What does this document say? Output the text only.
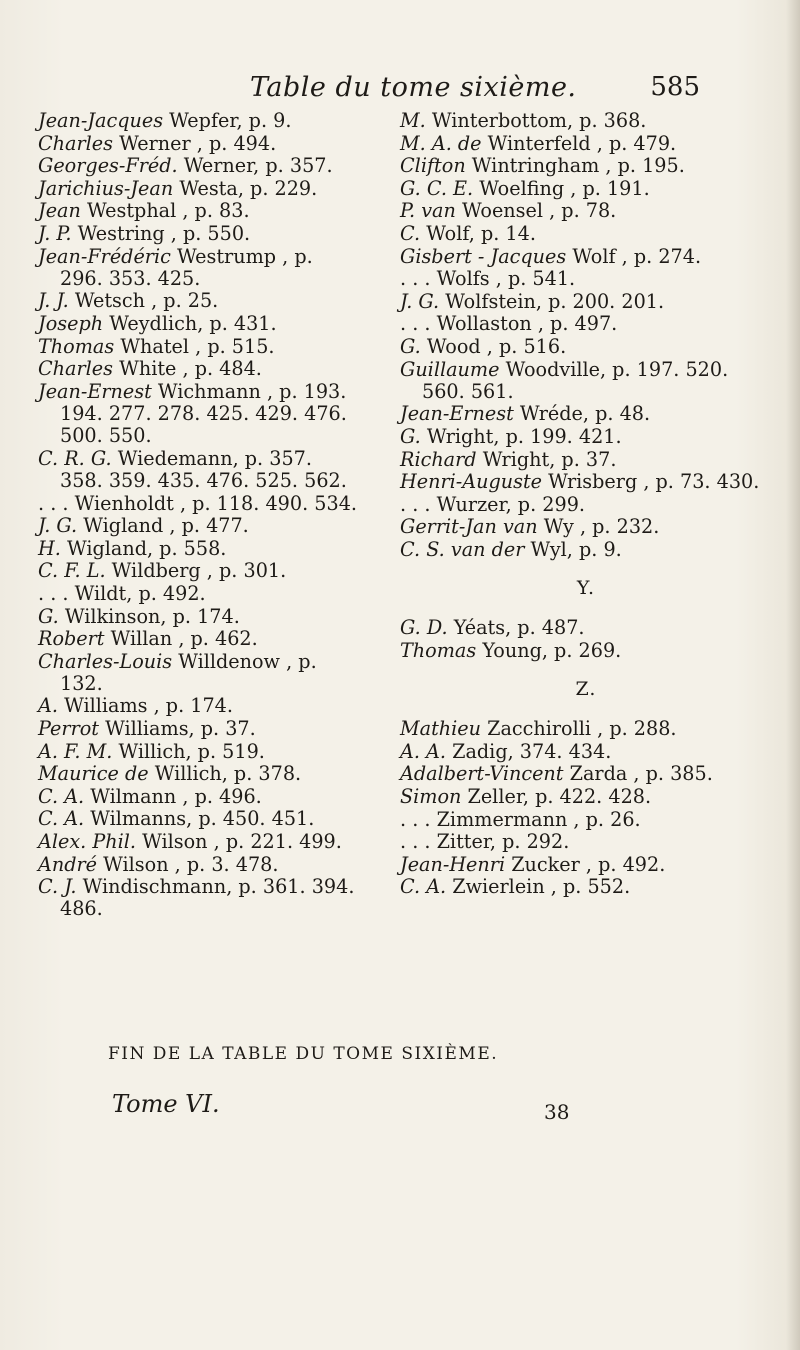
Table du tome sixième.	585

Jean-Jacques Wepfer, p. 9.

Charles Werner , p. 494.

Georges-Fréd. Werner, p. 357.

Jarichius-Jean Westa, p. 229.

Jean Westphal , p. 83.

J. P. Westring , p. 550.

Jean-Frédéric Westrump , p. 296. 353. 425.

J. J. Wetsch , p. 25.

Joseph Weydlich, p. 431.

Thomas Whatel , p. 515.

Charles White , p. 484.

Jean-Ernest Wichmann , p. 193. 194. 277. 278. 425. 429. 476. 500. 550.

C. R. G. Wiedemann, p. 357. 358. 359. 435. 476. 525. 562.

. . . Wienholdt , p. 118. 490. 534.

J. G. Wigland , p. 477.

H. Wigland, p. 558.

C. F. L. Wildberg , p. 301.

. . . Wildt, p. 492.

G. Wilkinson, p. 174.

Robert Willan , p. 462.

Charles-Louis Willdenow , p. 132.

A. Williams , p. 174.

Perrot Williams, p. 37.

A. F. M. Willich, p. 519.

Maurice de Willich, p. 378.

C. A. Wilmann , p. 496.

C. A. Wilmanns, p. 450. 451.

Alex. Phil. Wilson , p. 221. 499.

André Wilson , p. 3. 478.

C. J. Windischmann, p. 361. 394. 486.

M. Winterbottom, p. 368.

M. A. de Winterfeld , p. 479.

Clifton Wintringham , p. 195.

G. C. E. Woelfing , p. 191.

P. van Woensel , p. 78.

C. Wolf, p. 14.

Gisbert - Jacques Wolf , p. 274.

. . . Wolfs , p. 541.

J. G. Wolfstein, p. 200. 201.

. . . Wollaston , p. 497.

G. Wood , p. 516.

Guillaume Woodville, p. 197. 520. 560. 561.

Jean-Ernest Wréde, p. 48.

G. Wright, p. 199. 421.

Richard Wright, p. 37.

Henri-Auguste Wrisberg , p. 73. 430.

. . . Wurzer, p. 299.

Gerrit-Jan van Wy , p. 232.

C. S. van der Wyl, p. 9.

Y.

G. D. Yéats, p. 487.

Thomas Young, p. 269.

Z.

Mathieu Zacchirolli , p. 288.

A. A. Zadig, 374. 434.

Adalbert-Vincent Zarda , p. 385.

Simon Zeller, p. 422. 428.

. . . Zimmermann , p. 26.

. . . Zitter, p. 292.

Jean-Henri Zucker , p. 492.

C. A. Zwierlein , p. 552.

FIN DE LA TABLE DU TOME SIXIÈME.
Tome VI.	38
